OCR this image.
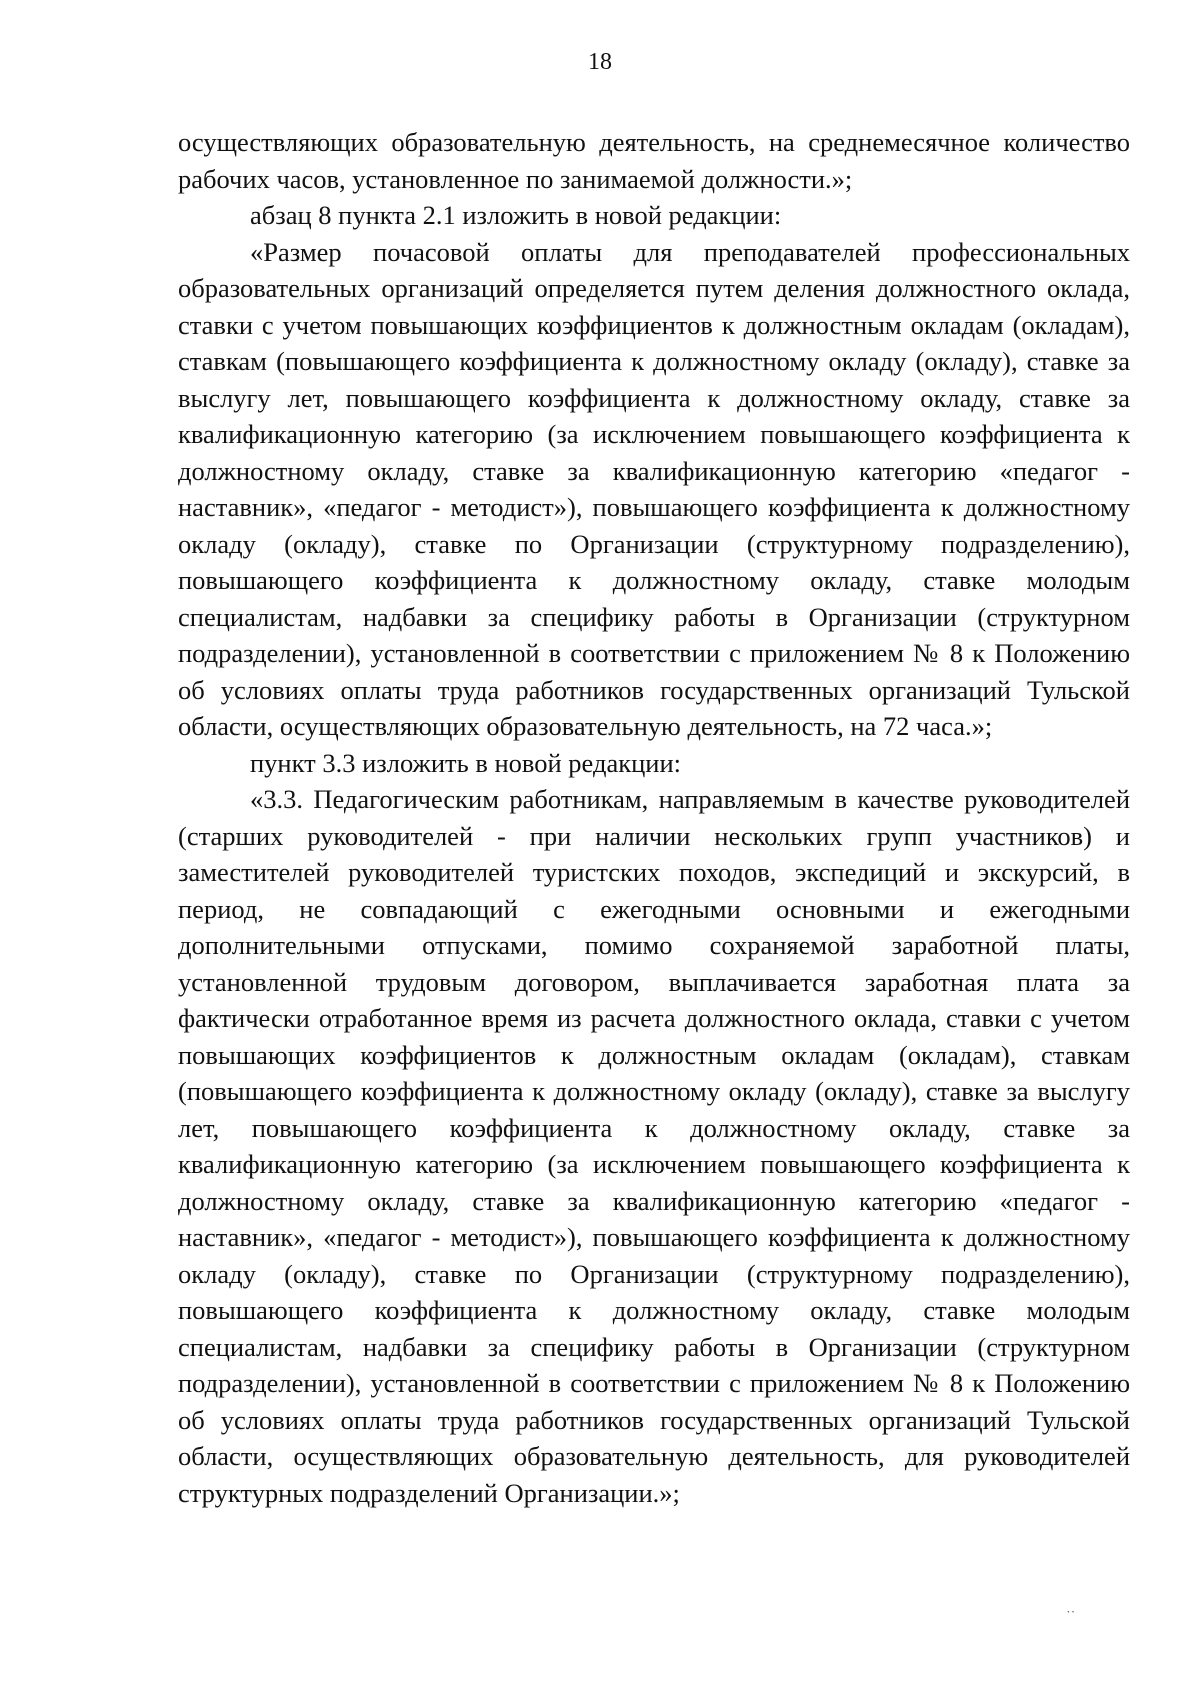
18

осуществляющих образовательную деятельность, на среднемесячное количество рабочих часов, установленное по занимаемой должности.»;

абзац 8 пункта 2.1 изложить в новой редакции:

«Размер почасовой оплаты для преподавателей профессиональных образовательных организаций определяется путем деления должностного оклада, ставки с учетом повышающих коэффициентов к должностным окладам (окладам), ставкам (повышающего коэффициента к должностному окладу (окладу), ставке за выслугу лет, повышающего коэффициента к должностному окладу, ставке за квалификационную категорию (за исключением повышающего коэффициента к должностному окладу, ставке за квалификационную категорию «педагог - наставник», «педагог - методист»), повышающего коэффициента к должностному окладу (окладу), ставке по Организации (структурному подразделению), повышающего коэффициента к должностному окладу, ставке молодым специалистам, надбавки за специфику работы в Организации (структурном подразделении), установленной в соответствии с приложением № 8 к Положению об условиях оплаты труда работников государственных организаций Тульской области, осуществляющих образовательную деятельность, на 72 часа.»;

пункт 3.3 изложить в новой редакции:

«3.3. Педагогическим работникам, направляемым в качестве руководителей (старших руководителей - при наличии нескольких групп участников) и заместителей руководителей туристских походов, экспедиций и экскурсий, в период, не совпадающий с ежегодными основными и ежегодными дополнительными отпусками, помимо сохраняемой заработной платы, установленной трудовым договором, выплачивается заработная плата за фактически отработанное время из расчета должностного оклада, ставки с учетом повышающих коэффициентов к должностным окладам (окладам), ставкам (повышающего коэффициента к должностному окладу (окладу), ставке за выслугу лет, повышающего коэффициента к должностному окладу, ставке за квалификационную категорию (за исключением повышающего коэффициента к должностному окладу, ставке за квалификационную категорию «педагог - наставник», «педагог - методист»), повышающего коэффициента к должностному окладу (окладу), ставке по Организации (структурному подразделению), повышающего коэффициента к должностному окладу, ставке молодым специалистам, надбавки за специфику работы в Организации (структурном подразделении), установленной в соответствии с приложением № 8 к Положению об условиях оплаты труда работников государственных организаций Тульской области, осуществляющих образовательную деятельность, для руководителей структурных подразделений Организации.»;

˙˙
